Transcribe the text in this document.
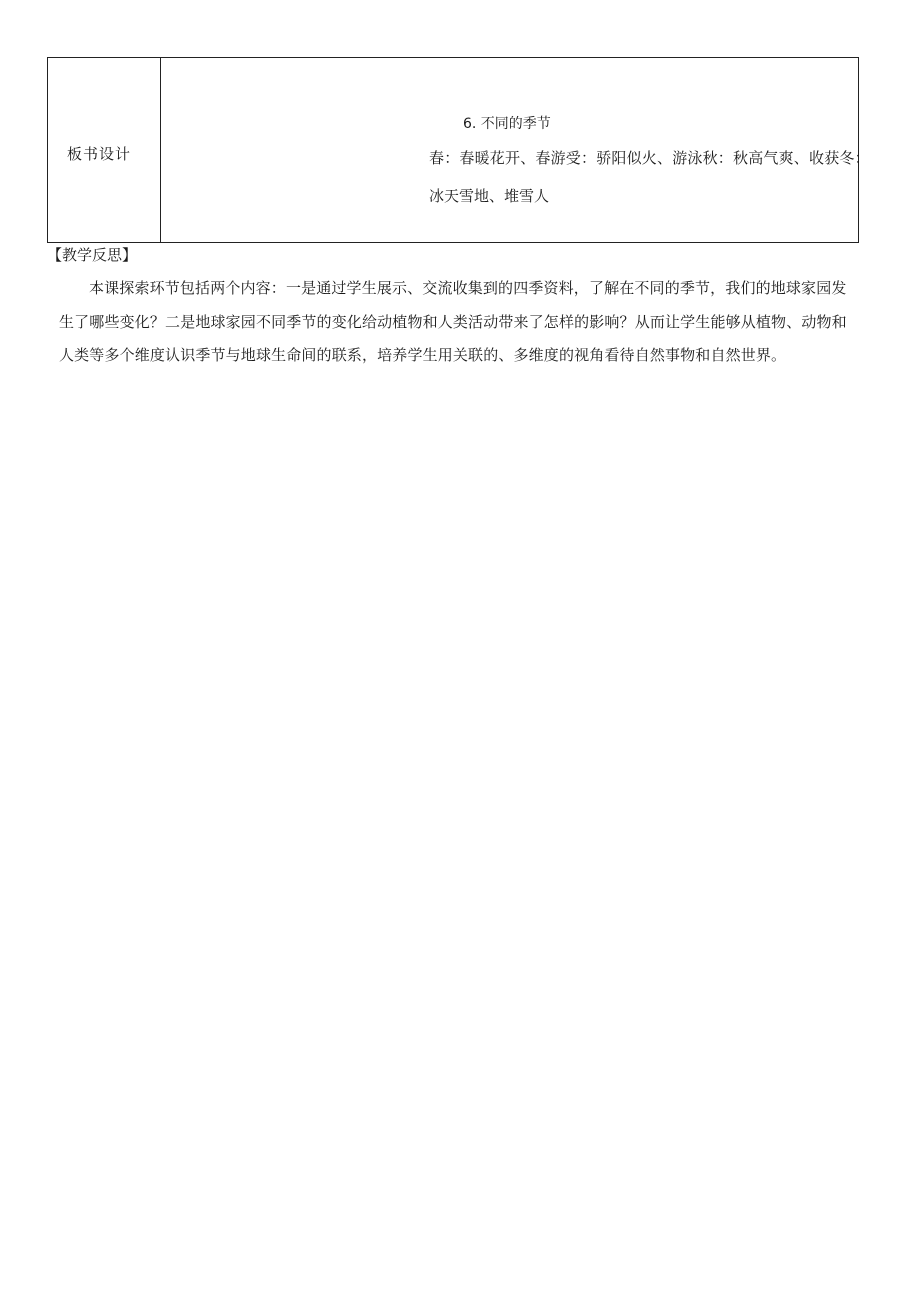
板书设计
6. 不同的季节
春：春暖花开、春游受：骄阳似火、游泳秋：秋高气爽、收获冬：
冰天雪地、堆雪人
【教学反思】

本课探索环节包括两个内容：一是通过学生展示、交流收集到的四季资料，了解在不同的季节，我们的地球家园发生了哪些变化？二是地球家园不同季节的变化给动植物和人类活动带来了怎样的影响？从而让学生能够从植物、动物和人类等多个维度认识季节与地球生命间的联系，培养学生用关联的、多维度的视角看待自然事物和自然世界。
